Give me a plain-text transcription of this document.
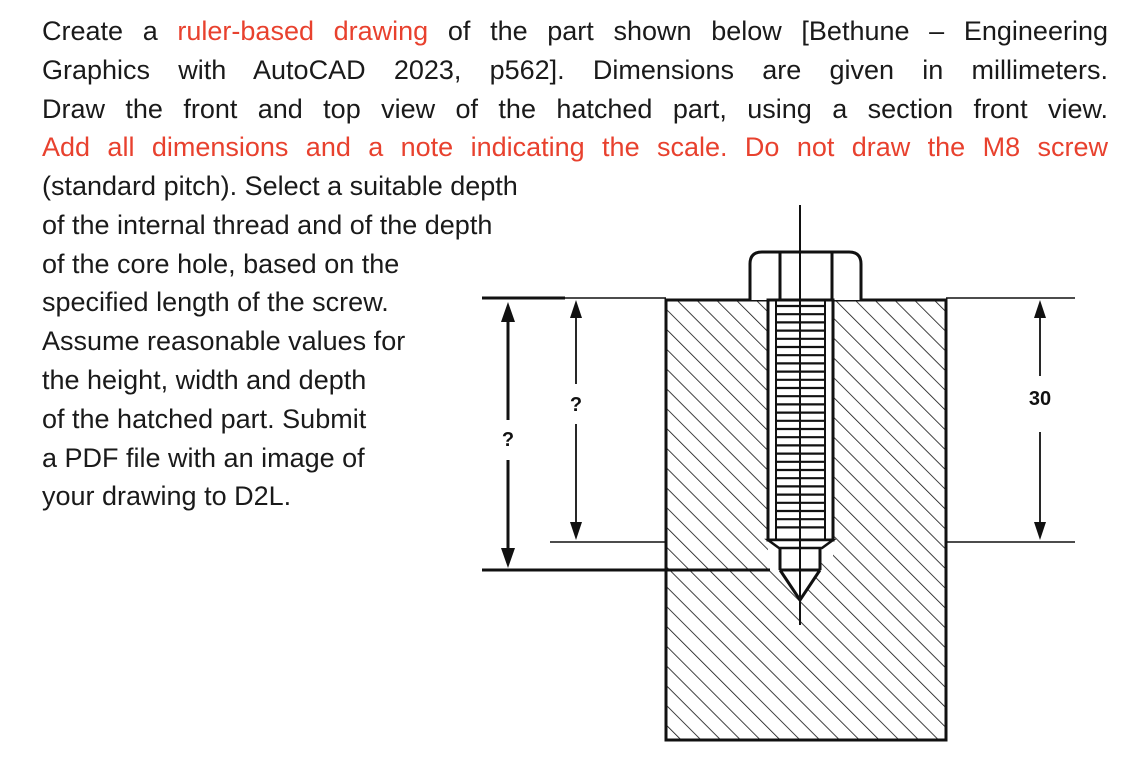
Create a ruler-based drawing of the part shown below [Bethune – Engineering
Graphics with AutoCAD 2023, p562]. Dimensions are given in millimeters.
Draw the front and top view of the hatched part, using a section front view.
Add all dimensions and a note indicating the scale. Do not draw the M8 screw
(standard pitch). Select a suitable depth
of the internal thread and of the depth
of the core hole, based on the
specified length of the screw.
Assume reasonable values for
the height, width and depth
of the hatched part. Submit
a PDF file with an image of
your drawing to D2L.
?
?	30
